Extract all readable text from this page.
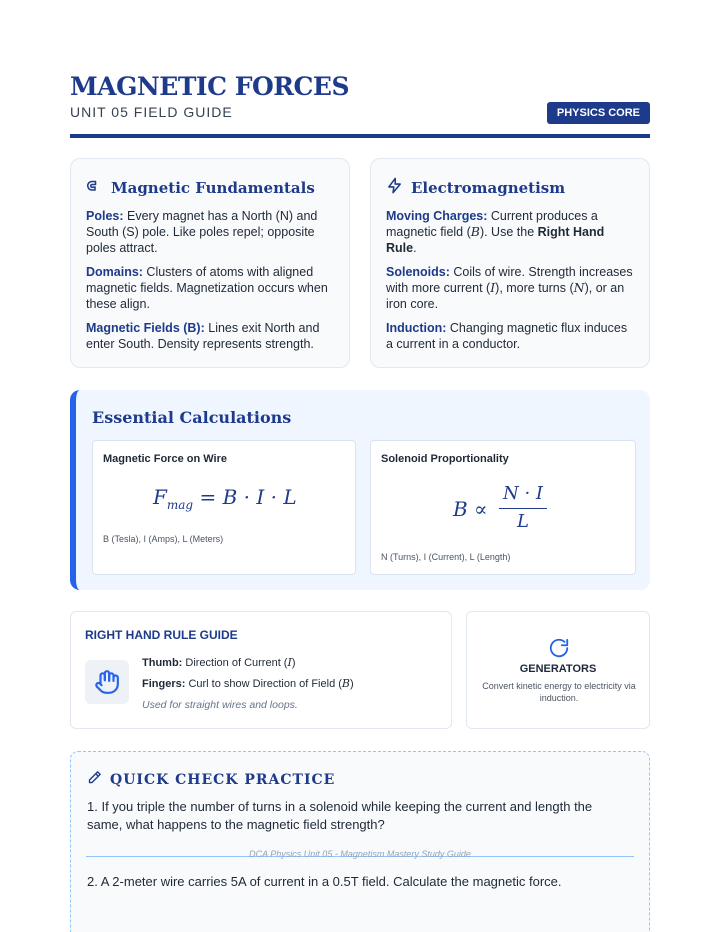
MAGNETIC FORCES
UNIT 05 FIELD GUIDE	PHYSICS CORE
Magnetic Fundamentals

Poles: Every magnet has a North (N) and South (S) pole. Like poles repel; opposite poles attract.

Domains: Clusters of atoms with aligned magnetic fields. Magnetization occurs when these align.

Magnetic Fields (B): Lines exit North and enter South. Density represents strength.

Electromagnetism

Moving Charges: Current produces a magnetic field (B). Use the Right Hand Rule.

Solenoids: Coils of wire. Strength increases with more current (I), more turns (N), or an iron core.

Induction: Changing magnetic flux induces a current in a conductor.

Essential Calculations
Magnetic Force on Wire
$F_{mag} = B \cdot I \cdot L$
B (Tesla), I (Amps), L (Meters)
Solenoid Proportionality
B ∝
N · I
L
N (Turns), I (Current), L (Length)
RIGHT HAND RULE GUIDE
Thumb: Direction of Current (I)
Fingers: Curl to show Direction of Field (B)
Used for straight wires and loops.
GENERATORS
Convert kinetic energy to electricity via induction.
QUICK CHECK PRACTICE
1. If you triple the number of turns in a solenoid while keeping the current and length the same, what happens to the magnetic field strength?
2. A 2-meter wire carries 5A of current in a 0.5T field. Calculate the magnetic force.
DCA Physics Unit 05 - Magnetism Mastery Study Guide
